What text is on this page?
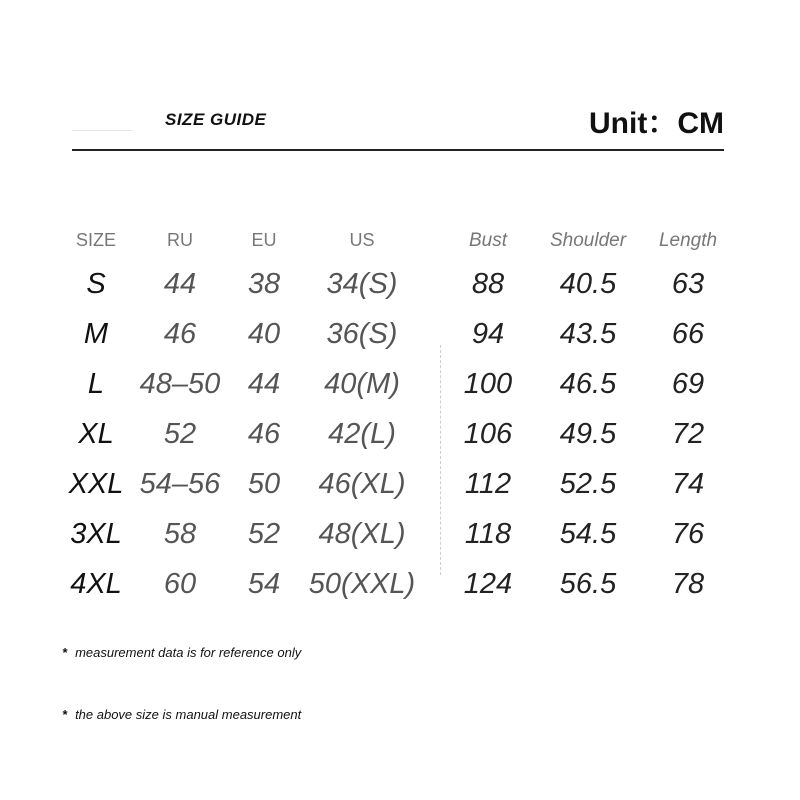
SIZE GUIDE	Unit：CM
SIZE	RU	EU	US	Bust Shoulder Length
S 44 38 34(S)	88 40.5 63
M 46 40 36(S)	94 43.5 66
L 48–50 44 40(M) 100 46.5 69
XL 52 46 42(L) 106 49.5 72
XXL 54–56 50 46(XL) 112 52.5 74
3XL 58 52 48(XL) 118 54.5 76
4XL 60 54 50(XXL) 124 56.5 78
* measurement data is for reference only
* the above size is manual measurement
